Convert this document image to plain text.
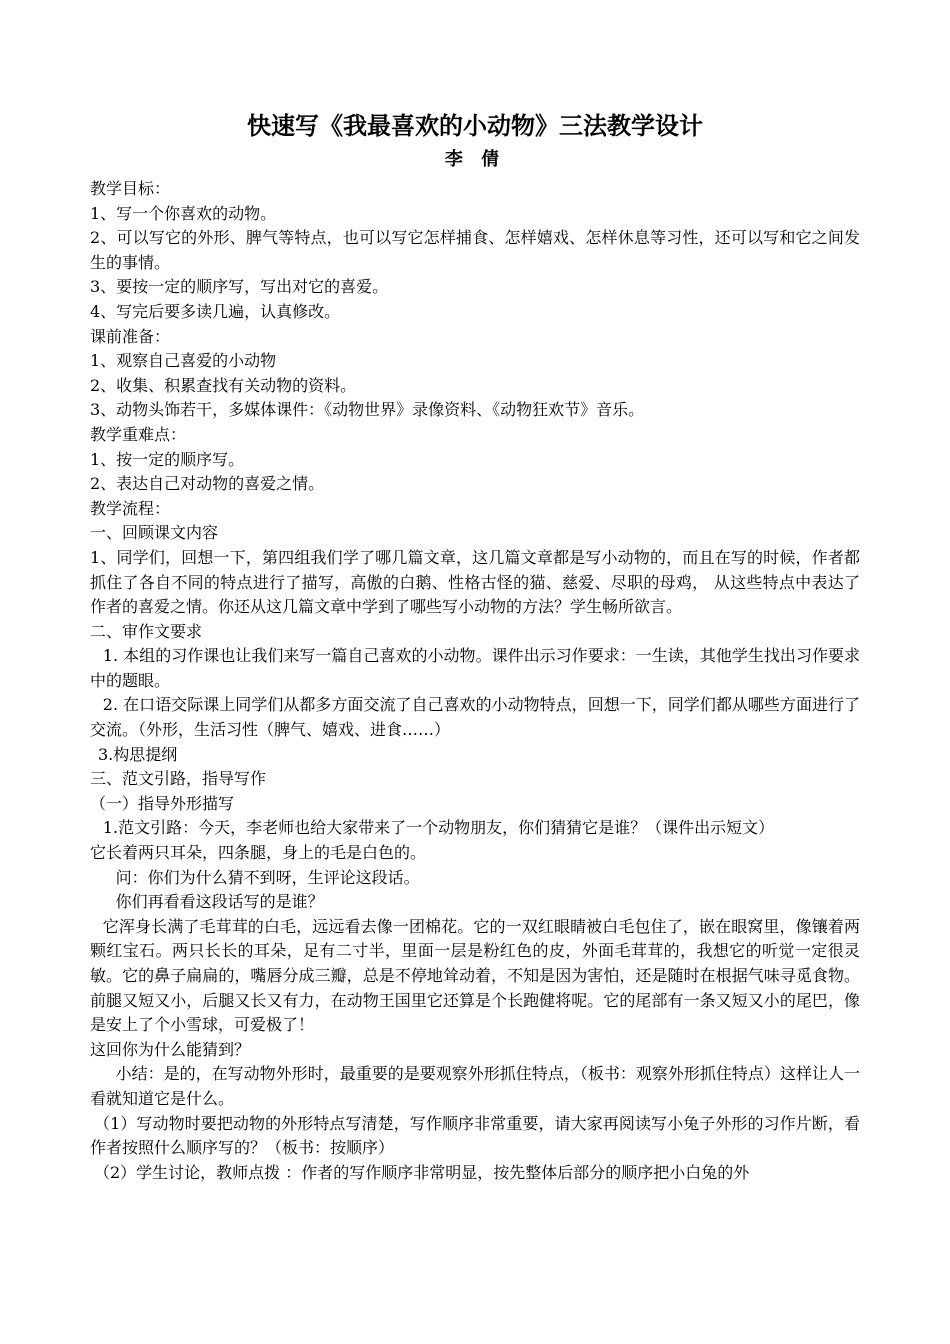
快速写《我最喜欢的小动物》三法教学设计
李 倩

教学目标：

1、写一个你喜欢的动物。

2、可以写它的外形、脾气等特点，也可以写它怎样捕食、怎样嬉戏、怎样休息等习性，还可以写和它之间发生的事情。

3、要按一定的顺序写，写出对它的喜爱。

4、写完后要多读几遍，认真修改。

课前准备：

1、观察自己喜爱的小动物

2、收集、积累查找有关动物的资料。

3、动物头饰若干，多媒体课件：《动物世界》录像资料、《动物狂欢节》音乐。

教学重难点：

1、按一定的顺序写。

2、表达自己对动物的喜爱之情。

教学流程：

一、回顾课文内容

1、同学们，回想一下，第四组我们学了哪几篇文章，这几篇文章都是写小动物的，而且在写的时候，作者都抓住了各自不同的特点进行了描写，高傲的白鹅、性格古怪的猫、慈爱、尽职的母鸡， 从这些特点中表达了作者的喜爱之情。你还从这几篇文章中学到了哪些写小动物的方法？学生畅所欲言。

二、审作文要求

1. 本组的习作课也让我们来写一篇自己喜欢的小动物。课件出示习作要求：一生读，其他学生找出习作要求中的题眼。

2. 在口语交际课上同学们从都多方面交流了自己喜欢的小动物特点，回想一下，同学们都从哪些方面进行了交流。（外形，生活习性（脾气、嬉戏、进食……）

3.构思提纲

三、范文引路，指导写作

（一）指导外形描写

1.范文引路：今天，李老师也给大家带来了一个动物朋友，你们猜猜它是谁？（课件出示短文）

它长着两只耳朵，四条腿，身上的毛是白色的。

问：你们为什么猜不到呀，生评论这段话。

你们再看看这段话写的是谁？

它浑身长满了毛茸茸的白毛，远远看去像一团棉花。它的一双红眼睛被白毛包住了，嵌在眼窝里，像镶着两颗红宝石。两只长长的耳朵，足有二寸半，里面一层是粉红色的皮，外面毛茸茸的，我想它的听觉一定很灵敏。它的鼻子扁扁的，嘴唇分成三瓣，总是不停地耸动着，不知是因为害怕，还是随时在根据气味寻觅食物。前腿又短又小，后腿又长又有力，在动物王国里它还算是个长跑健将呢。它的尾部有一条又短又小的尾巴，像是安上了个小雪球，可爱极了！

这回你为什么能猜到？

小结：是的，在写动物外形时，最重要的是要观察外形抓住特点，（板书：观察外形抓住特点）这样让人一看就知道它是什么。

（1）写动物时要把动物的外形特点写清楚，写作顺序非常重要，请大家再阅读写小兔子外形的习作片断，看作者按照什么顺序写的？（板书：按顺序）

（2）学生讨论，教师点拨 ：作者的写作顺序非常明显，按先整体后部分的顺序把小白兔的外
